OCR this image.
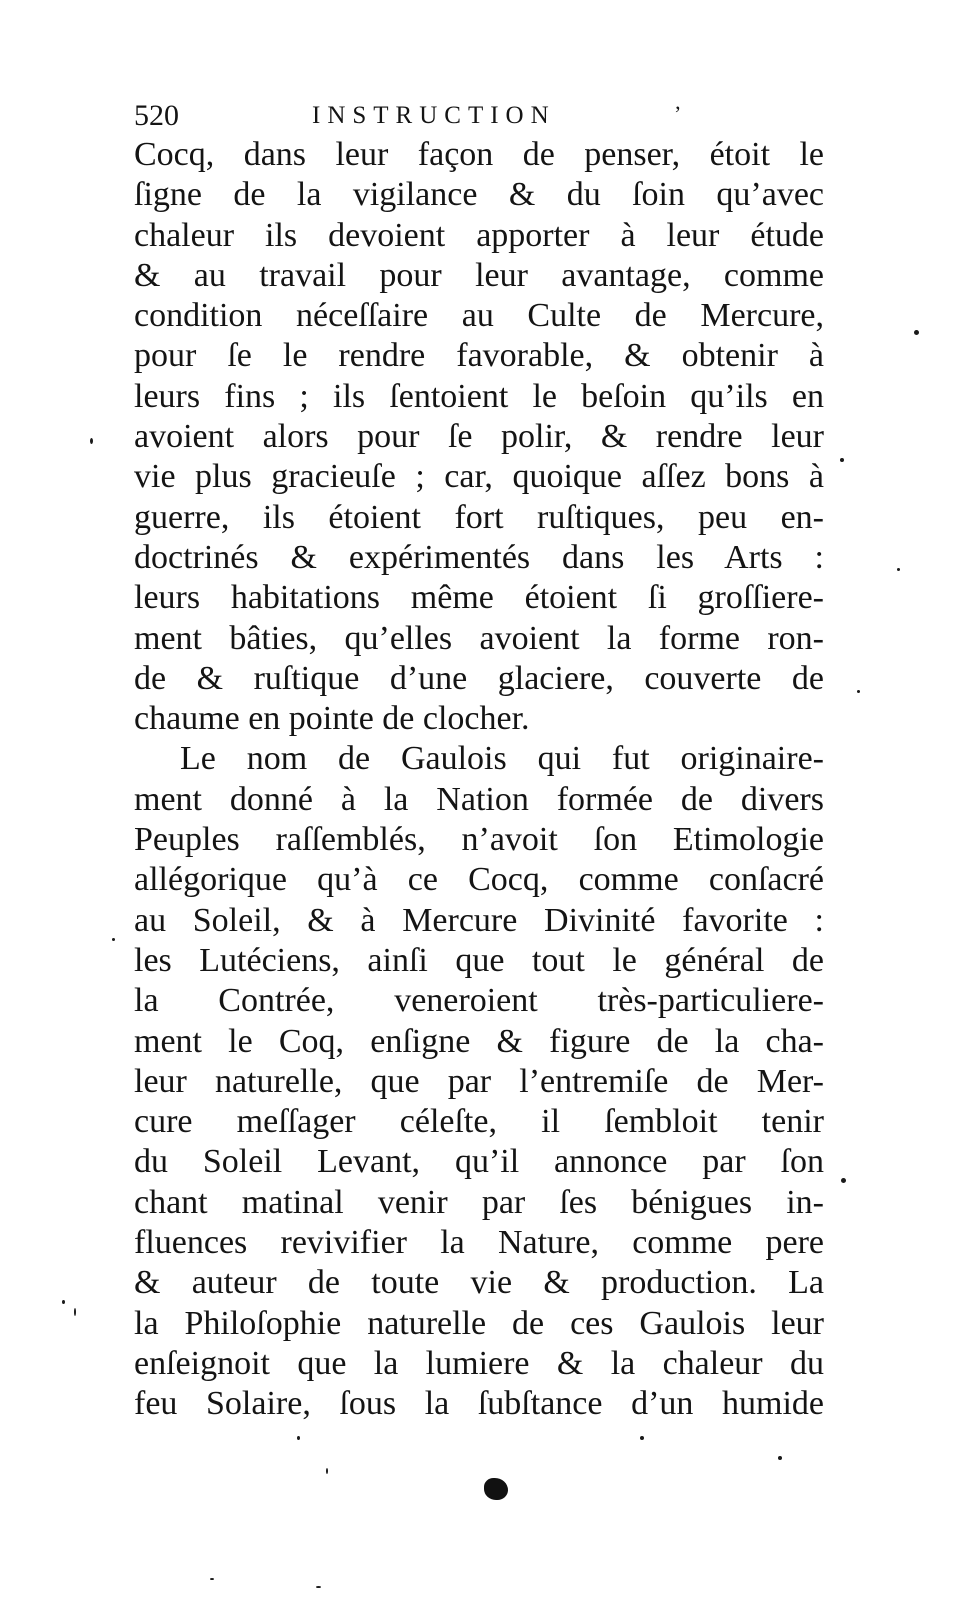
520	INSTRUCTION	’
Cocq, dans leur façon de penser, étoit le
ſigne de la vigilance & du ſoin qu’avec
chaleur ils devoient apporter à leur étude
& au travail pour leur avantage, comme
condition néceſſaire au Culte de Mercure,
pour ſe le rendre favorable, & obtenir à
leurs fins ; ils ſentoient le beſoin qu’ils en
avoient alors pour ſe polir, & rendre leur
vie plus gracieuſe ; car, quoique aſſez bons à
guerre, ils étoient fort ruſtiques, peu en-
doctrinés & expérimentés dans les Arts :
leurs habitations même étoient ſi groſſiere-
ment bâties, qu’elles avoient la forme ron-
de & ruſtique d’une glaciere, couverte de
chaume en pointe de clocher.
Le nom de Gaulois qui fut originaire-
ment donné à la Nation formée de divers
Peuples raſſemblés, n’avoit ſon Etimologie
allégorique qu’à ce Cocq, comme conſacré
au Soleil, & à Mercure Divinité favorite :
les Lutéciens, ainſi que tout le général de
la Contrée, veneroient très-particuliere-
ment le Coq, enſigne & figure de la cha-
leur naturelle, que par l’entremiſe de Mer-
cure meſſager céleſte, il ſembloit tenir
du Soleil Levant, qu’il annonce par ſon
chant matinal venir par ſes bénigues in-
fluences revivifier la Nature, comme pere
& auteur de toute vie & production. La
la Philoſophie naturelle de ces Gaulois leur
enſeignoit que la lumiere & la chaleur du
feu Solaire, ſous la ſubſtance d’un humide
